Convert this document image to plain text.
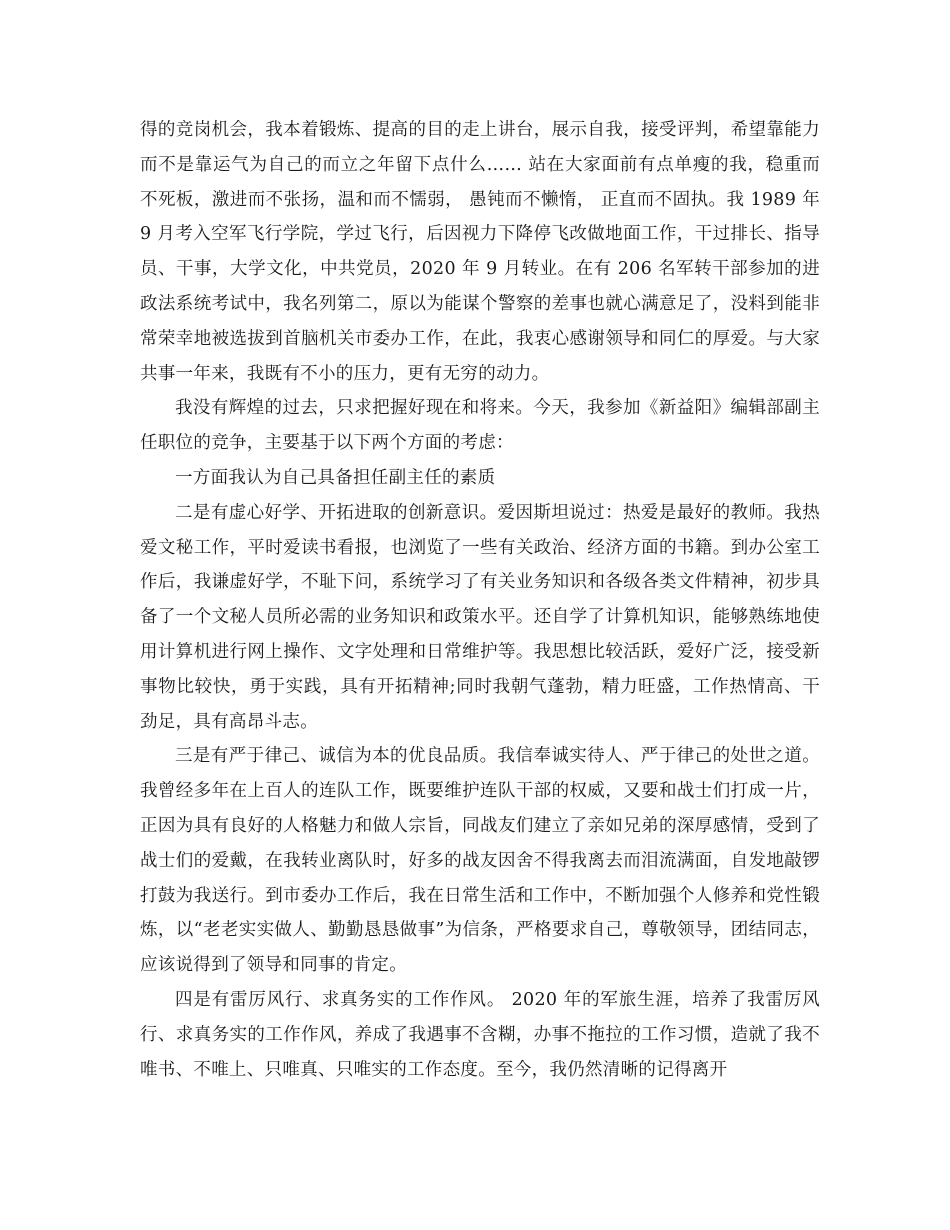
得的竞岗机会，我本着锻炼、提高的目的走上讲台，展示自我，接受评判，希望靠能力而不是靠运气为自己的而立之年留下点什么…… 站在大家面前有点单瘦的我，稳重而不死板，激进而不张扬，温和而不懦弱， 愚钝而不懒惰， 正直而不固执。我 1989 年 9 月考入空军飞行学院，学过飞行，后因视力下降停飞改做地面工作，干过排长、指导员、干事，大学文化，中共党员，2020 年 9 月转业。在有 206 名军转干部参加的进政法系统考试中，我名列第二，原以为能谋个警察的差事也就心满意足了，没料到能非常荣幸地被选拔到首脑机关市委办工作，在此，我衷心感谢领导和同仁的厚爱。与大家共事一年来，我既有不小的压力，更有无穷的动力。

我没有辉煌的过去，只求把握好现在和将来。今天，我参加《新益阳》编辑部副主任职位的竞争，主要基于以下两个方面的考虑：

一方面我认为自己具备担任副主任的素质

二是有虚心好学、开拓进取的创新意识。爱因斯坦说过：热爱是最好的教师。我热爱文秘工作，平时爱读书看报，也浏览了一些有关政治、经济方面的书籍。到办公室工作后，我谦虚好学，不耻下问，系统学习了有关业务知识和各级各类文件精神，初步具备了一个文秘人员所必需的业务知识和政策水平。还自学了计算机知识，能够熟练地使用计算机进行网上操作、文字处理和日常维护等。我思想比较活跃，爱好广泛，接受新事物比较快，勇于实践，具有开拓精神;同时我朝气蓬勃，精力旺盛，工作热情高、干劲足，具有高昂斗志。

三是有严于律己、诚信为本的优良品质。我信奉诚实待人、严于律己的处世之道。我曾经多年在上百人的连队工作，既要维护连队干部的权威，又要和战士们打成一片，正因为具有良好的人格魅力和做人宗旨，同战友们建立了亲如兄弟的深厚感情，受到了战士们的爱戴，在我转业离队时，好多的战友因舍不得我离去而泪流满面，自发地敲锣打鼓为我送行。到市委办工作后，我在日常生活和工作中，不断加强个人修养和党性锻炼，以“老老实实做人、勤勤恳恳做事”为信条，严格要求自己，尊敬领导，团结同志，应该说得到了领导和同事的肯定。

四是有雷厉风行、求真务实的工作作风。 2020 年的军旅生涯，培养了我雷厉风行、求真务实的工作作风，养成了我遇事不含糊，办事不拖拉的工作习惯，造就了我不唯书、不唯上、只唯真、只唯实的工作态度。至今，我仍然清晰的记得离开
